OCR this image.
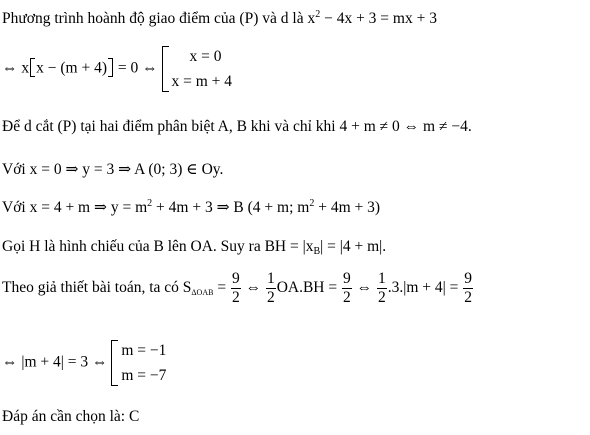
Phương trình hoành độ giao điểm của (P) và d là $x^2 - 4x + 3$ = mx + 3
⇔ x x − (m + 4) = 0 ⇔
x = 0
x = m + 4
Để d cắt (P) tại hai điểm phân biệt A, B khi và chỉ khi 4 + m ≠ 0 ⇔ m ≠ −4.
Với x = 0 ⇒ y = 3 ⇒ A (0; 3) ∈ Oy.
Với x = 4 + m ⇒ $y = m^2 + 4m + 3$ ⇒ B (4 + m; $m^2 + 4m + 3$)
Gọi H là hình chiếu của B lên OA. Suy ra BH = $|x_B| = |4 + m|$.
Theo giả thiết bài toán, ta có $S_{\Delta OAB} = \frac{9}{2}$ ⇔ $\frac{1}{2} OA.BH = \frac{9}{2}$ ⇔ $\frac{1}{2} .3.|m + 4| = \frac{9}{2}$
⇔ |m + 4| = 3 ⇔
m = −1
m = −7
Đáp án cần chọn là: C
